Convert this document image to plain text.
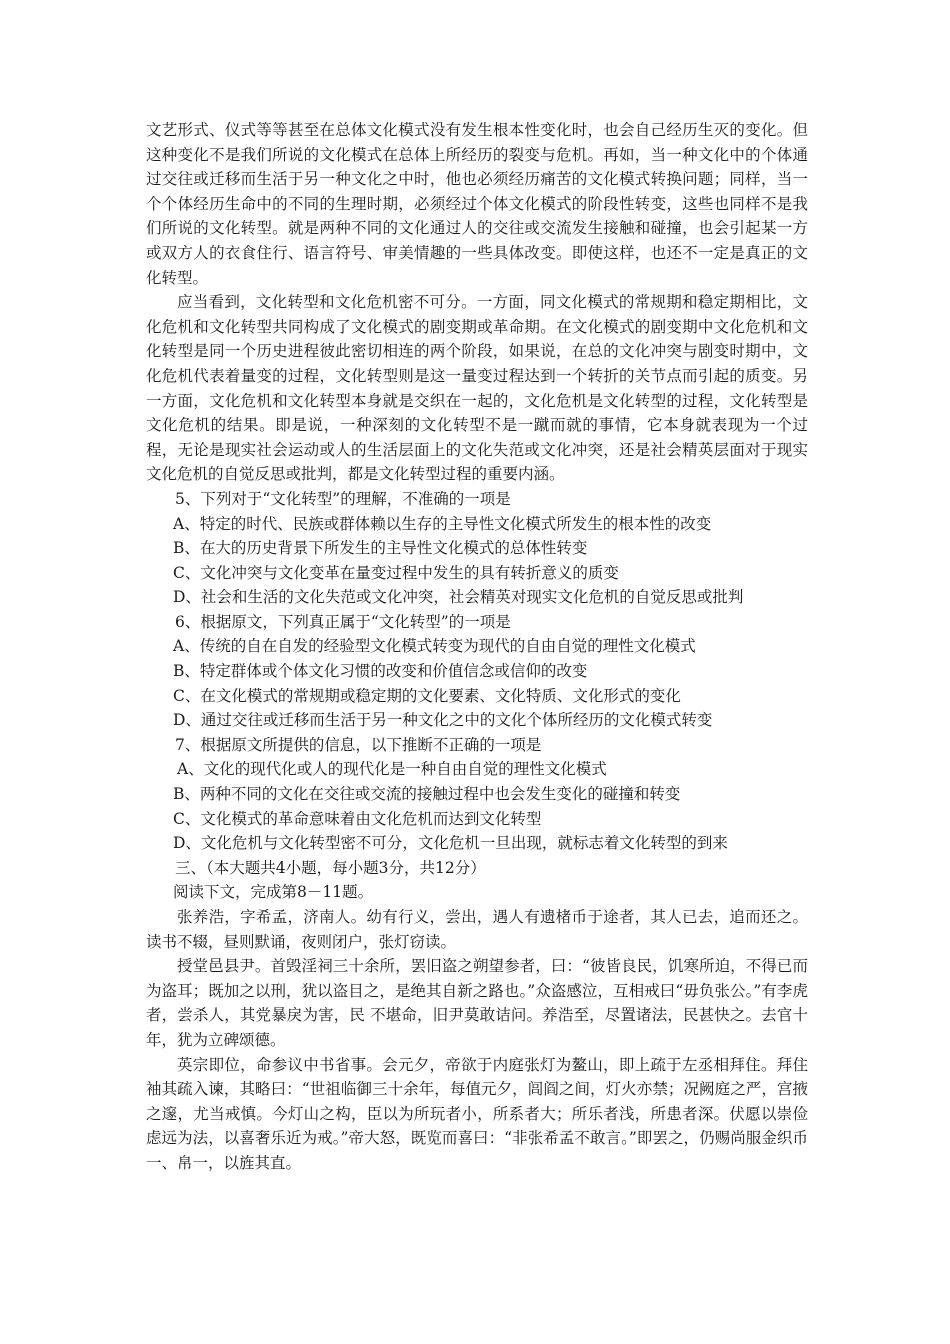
文艺形式、仪式等等甚至在总体文化模式没有发生根本性变化时，也会自己经历生灭的变化。但这种变化不是我们所说的文化模式在总体上所经历的裂变与危机。再如，当一种文化中的个体通过交往或迁移而生活于另一种文化之中时，他也必须经历痛苦的文化模式转换问题；同样，当一个个体经历生命中的不同的生理时期，必须经过个体文化模式的阶段性转变，这些也同样不是我们所说的文化转型。就是两种不同的文化通过人的交往或交流发生接触和碰撞，也会引起某一方或双方人的衣食住行、语言符号、审美情趣的一些具体改变。即使这样，也还不一定是真正的文化转型。

应当看到，文化转型和文化危机密不可分。一方面，同文化模式的常规期和稳定期相比，文化危机和文化转型共同构成了文化模式的剧变期或革命期。在文化模式的剧变期中文化危机和文化转型是同一个历史进程彼此密切相连的两个阶段，如果说，在总的文化冲突与剧变时期中，文化危机代表着量变的过程，文化转型则是这一量变过程达到一个转折的关节点而引起的质变。另一方面，文化危机和文化转型本身就是交织在一起的，文化危机是文化转型的过程，文化转型是文化危机的结果。即是说，一种深刻的文化转型不是一蹴而就的事情，它本身就表现为一个过程，无论是现实社会运动或人的生活层面上的文化失范或文化冲突，还是社会精英层面对于现实文化危机的自觉反思或批判，都是文化转型过程的重要内涵。

5、下列对于“文化转型”的理解，不准确的一项是

A、特定的时代、民族或群体赖以生存的主导性文化模式所发生的根本性的改变

B、在大的历史背景下所发生的主导性文化模式的总体性转变

C、文化冲突与文化变革在量变过程中发生的具有转折意义的质变

D、社会和生活的文化失范或文化冲突，社会精英对现实文化危机的自觉反思或批判

6、根据原文，下列真正属于“文化转型”的一项是

A、传统的自在自发的经验型文化模式转变为现代的自由自觉的理性文化模式

B、特定群体或个体文化习惯的改变和价值信念或信仰的改变

C、在文化模式的常规期或稳定期的文化要素、文化特质、文化形式的变化

D、通过交往或迁移而生活于另一种文化之中的文化个体所经历的文化模式转变

7、根据原文所提供的信息，以下推断不正确的一项是

A、文化的现代化或人的现代化是一种自由自觉的理性文化模式

B、两种不同的文化在交往或交流的接触过程中也会发生变化的碰撞和转变

C、文化模式的革命意味着由文化危机而达到文化转型

D、文化危机与文化转型密不可分，文化危机一旦出现，就标志着文化转型的到来

三、（本大题共4小题，每小题3分，共12分）

阅读下文，完成第8－11题。

张养浩，字希孟，济南人。幼有行义，尝出，遇人有遗楮币于途者，其人已去，追而还之。读书不辍，昼则默诵，夜则闭户，张灯窃读。

授堂邑县尹。首毁淫祠三十余所，罢旧盗之朔望参者，曰：“彼皆良民，饥寒所迫，不得已而为盗耳；既加之以刑，犹以盗目之，是绝其自新之路也。”众盗感泣，互相戒曰“毋负张公。”有李虎者，尝杀人，其党暴戾为害，民 不堪命，旧尹莫敢诘问。养浩至，尽置诸法，民甚快之。去官十年，犹为立碑颂德。

英宗即位，命参议中书省事。会元夕，帝欲于内庭张灯为鳌山，即上疏于左丞相拜住。拜住袖其疏入谏，其略曰：“世祖临御三十余年，每值元夕，闾阎之间，灯火亦禁；况阙庭之严，宫掖之邃，尤当戒慎。今灯山之构，臣以为所玩者小，所系者大；所乐者浅，所患者深。伏愿以崇俭虑远为法，以喜奢乐近为戒。”帝大怒，既览而喜曰：“非张希孟不敢言。”即罢之，仍赐尚服金织币一、帛一，以旌其直。
